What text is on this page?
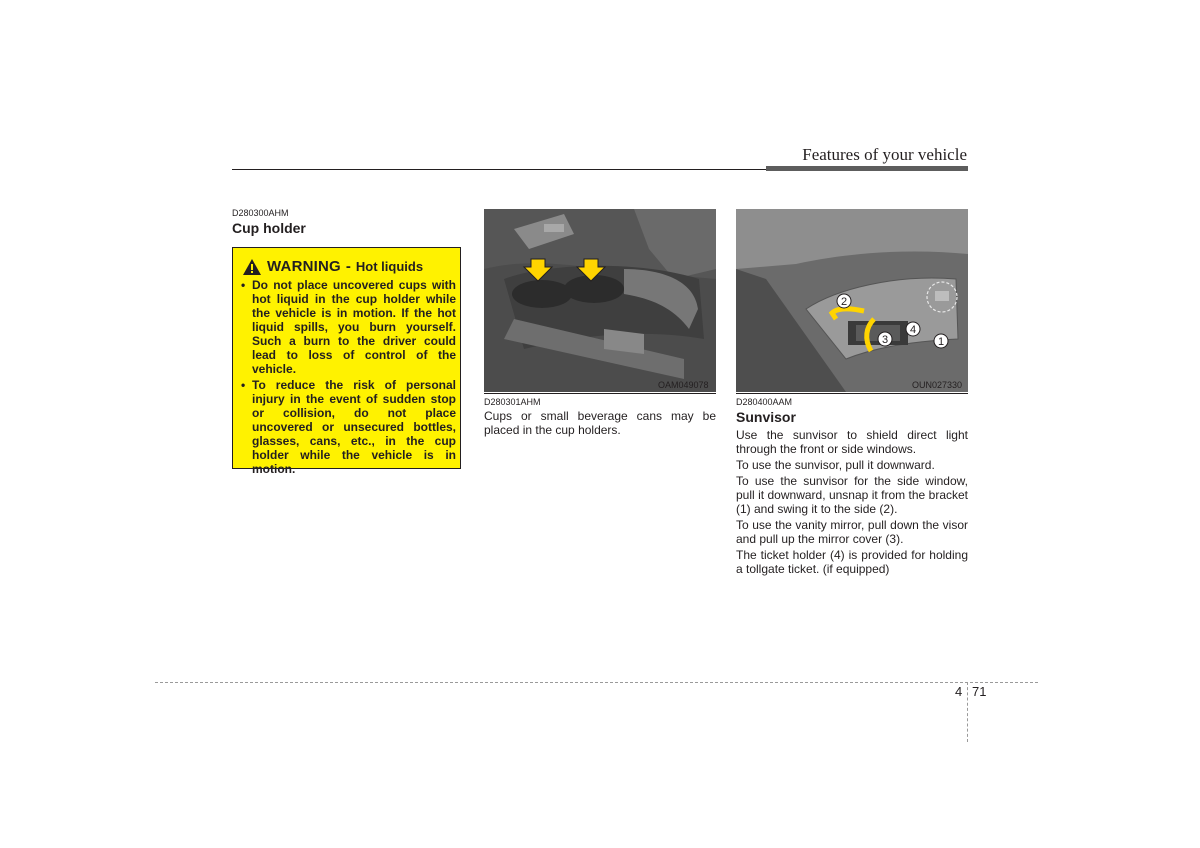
Features of your vehicle
D280300AHM
Cup holder
WARNING - Hot liquids
• Do not place uncovered cups with hot liquid in the cup holder while the vehicle is in motion. If the hot liquid spills, you burn yourself. Such a burn to the driver could lead to loss of control of the vehicle.
• To reduce the risk of personal injury in the event of sudden stop or collision, do not place uncovered or unsecured bottles, glasses, cans, etc., in the cup holder while the vehicle is in motion.
OAM049078
D280301AHM
Cups or small beverage cans may be placed in the cup holders.
1
2
3
4
OUN027330
D280400AAM
Sunvisor

Use the sunvisor to shield direct light through the front or side windows.

To use the sunvisor, pull it downward.

To use the sunvisor for the side window, pull it downward, unsnap it from the bracket (1) and swing it to the side (2).

To use the vanity mirror, pull down the visor and pull up the mirror cover (3).

The ticket holder (4) is provided for holding a tollgate ticket. (if equipped)

4 71
